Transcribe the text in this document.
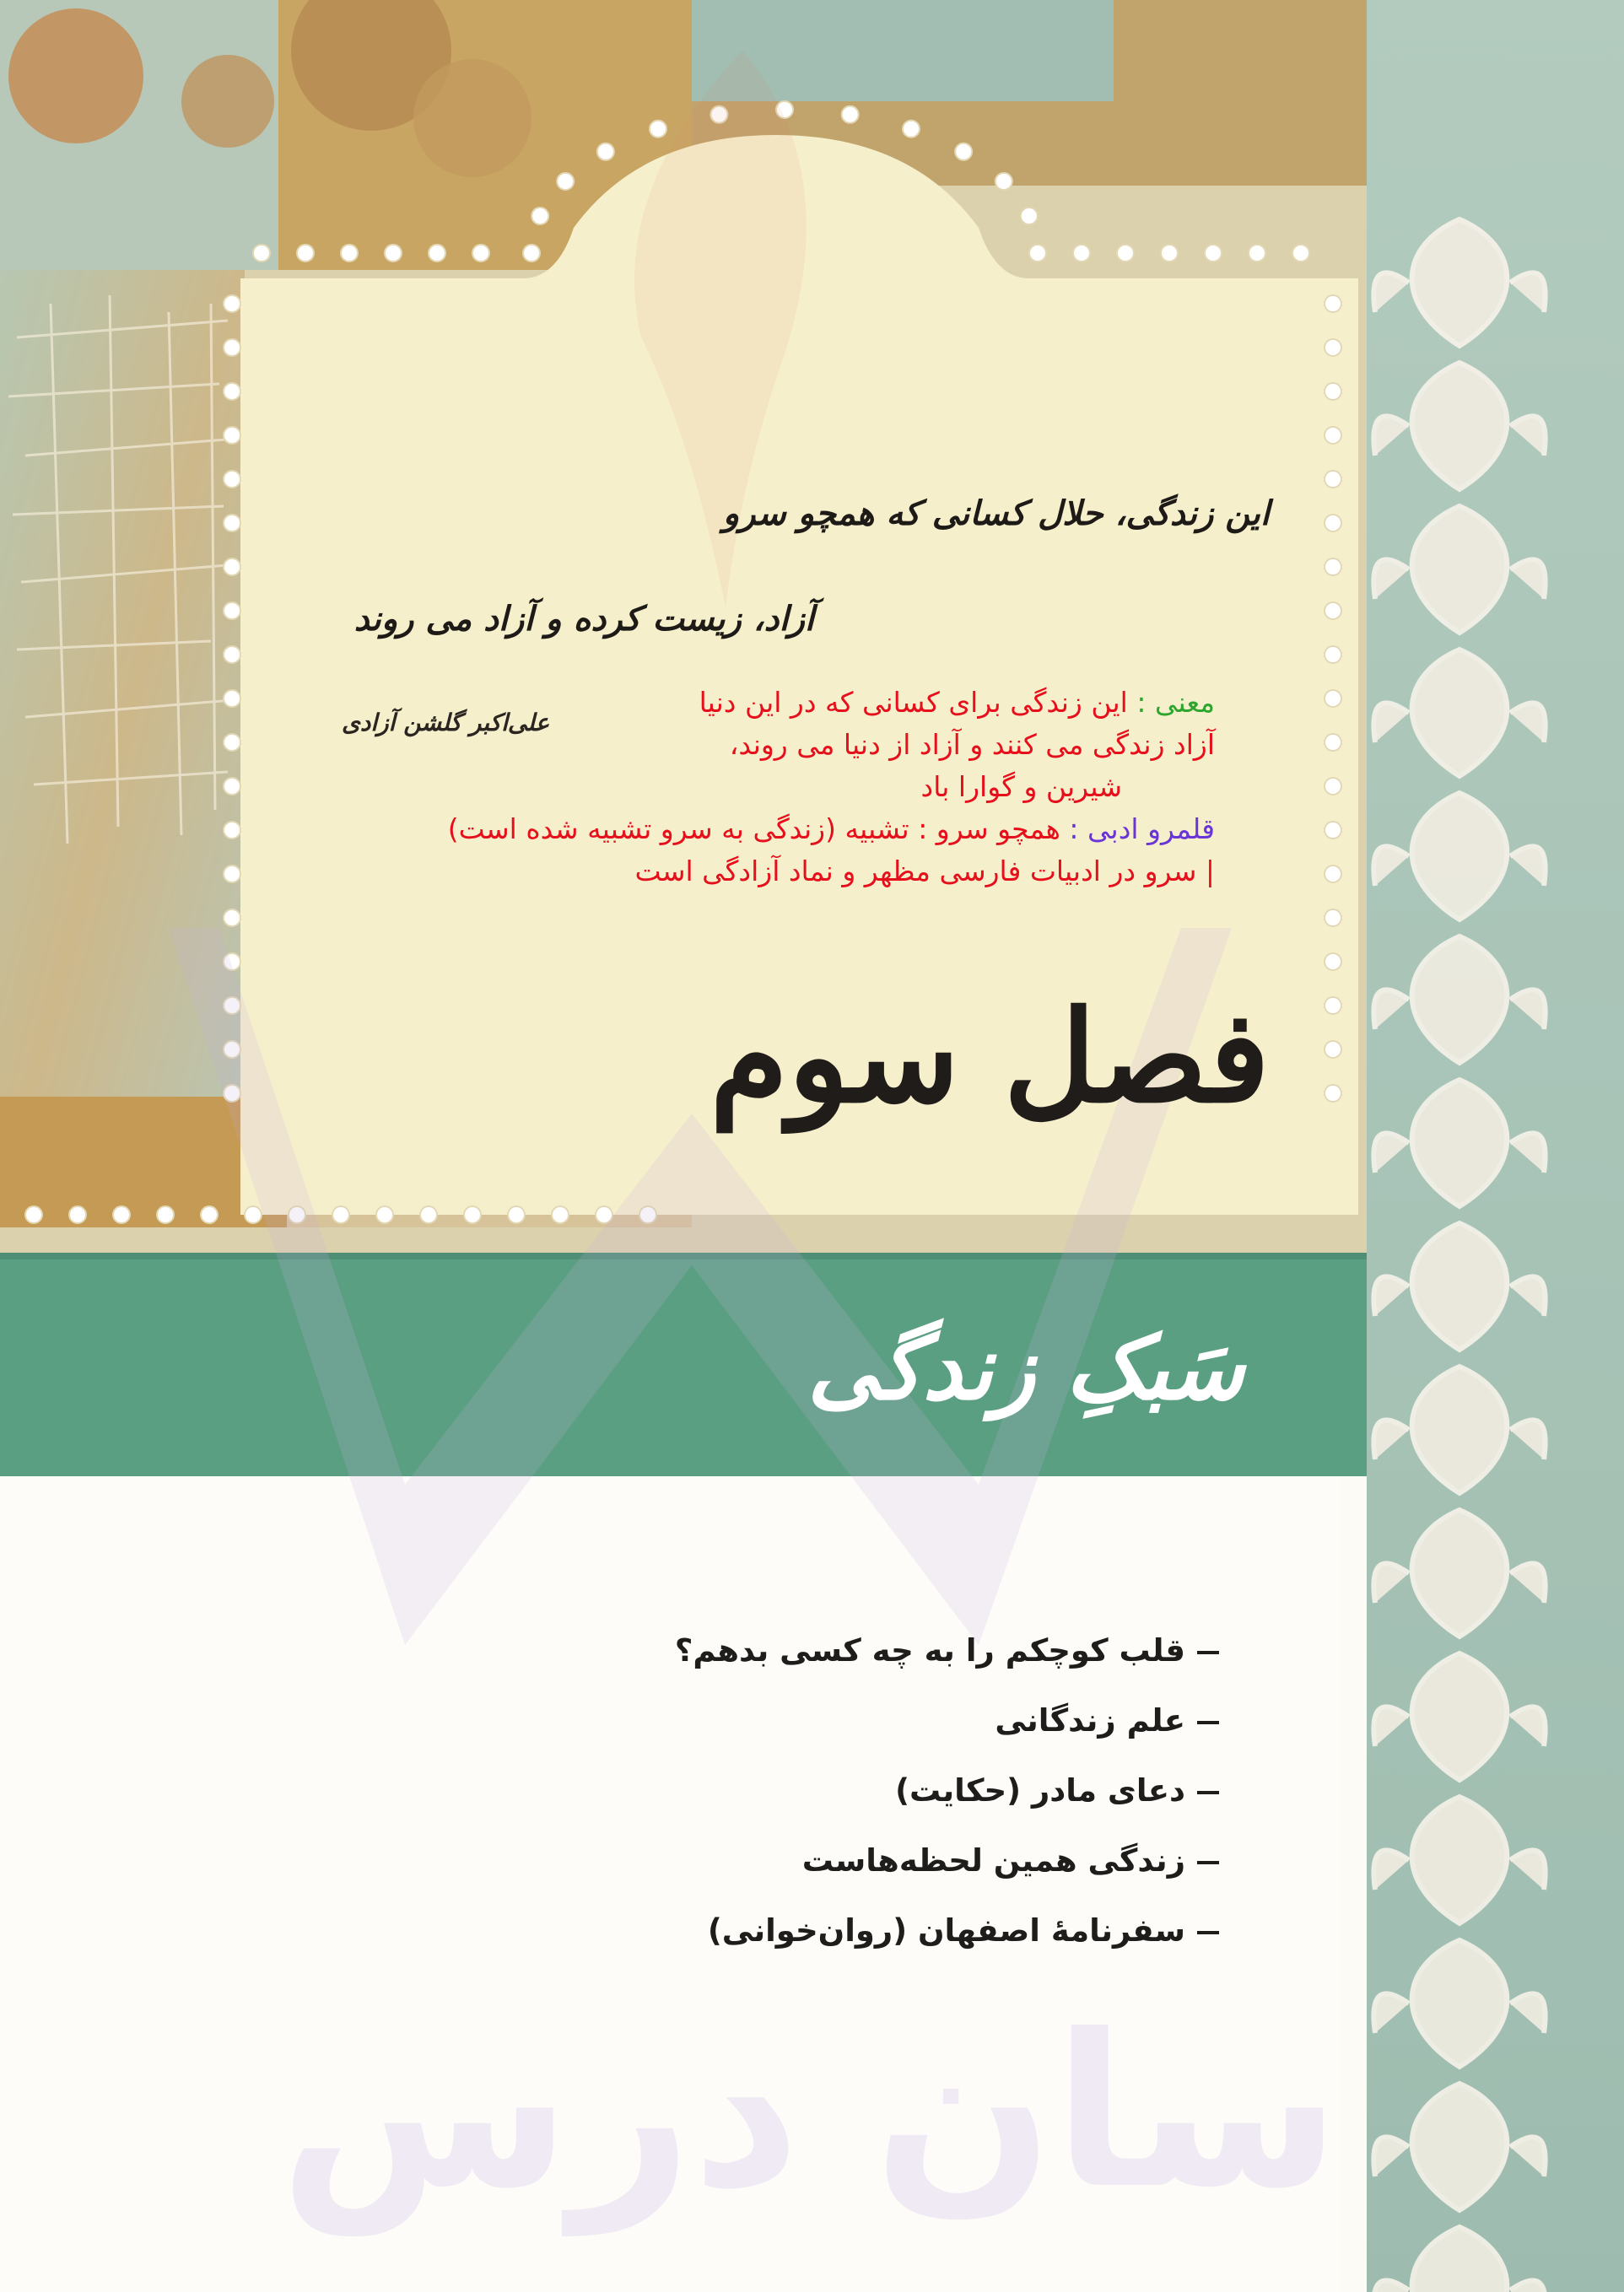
سان درس
این زندگی، حلال کسانی که همچو سرو
آزاد، زیست کرده و آزاد می روند
علی‌اکبر گلشن آزادی
معنی : این زندگی برای کسانی که در این دنیا
آزاد زندگی می کنند و آزاد از دنیا می روند،
شیرین و گوارا باد
قلمرو ادبی : همچو سرو : تشبیه (زندگی به سرو تشبیه شده است)
| سرو در ادبیات فارسی مظهر و نماد آزادگی است
فصل سوم
سَبکِ زندگی
قلب کوچکم را به چه کسی بدهم؟
علم زندگانی
دعای مادر (حکایت)
زندگی همین لحظه‌هاست
سفرنامهٔ اصفهان (روان‌خوانی)
